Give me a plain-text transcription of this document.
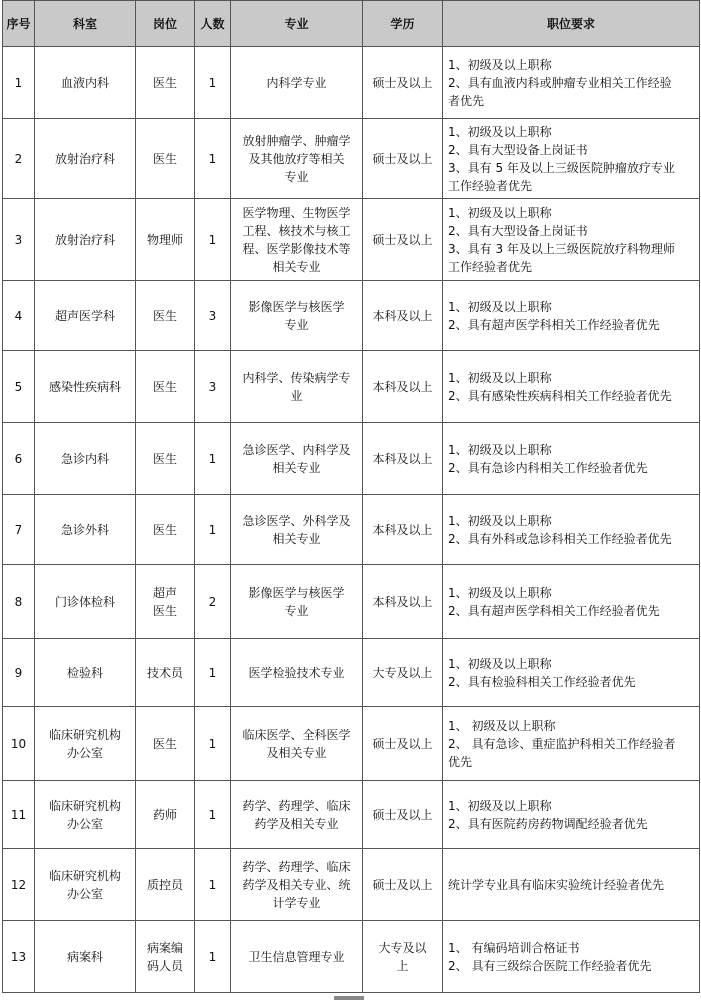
序号	科室	岗位	人数	专业	学历	职位要求
1	血液内科	医生	1	内科学专业	硕士及以上	1、初级及以上职称
2、具有血液内科或肿瘤专业相关工作经验
者优先

2	放射治疗科	医生	1	放射肿瘤学、肿瘤学
及其他放疗等相关
专业	硕士及以上	1、初级及以上职称
2、具有大型设备上岗证书
3、具有 5 年及以上三级医院肿瘤放疗专业
工作经验者优先

3	放射治疗科	物理师	1	医学物理、生物医学
工程、核技术与核工
程、医学影像技术等
相关专业	硕士及以上	1、初级及以上职称
2、具有大型设备上岗证书
3、具有 3 年及以上三级医院放疗科物理师
工作经验者优先

4	超声医学科	医生	3	影像医学与核医学
专业	本科及以上	1、初级及以上职称
2、具有超声医学科相关工作经验者优先

5	感染性疾病科	医生	3	内科学、传染病学专
业	本科及以上	1、初级及以上职称
2、具有感染性疾病科相关工作经验者优先

6	急诊内科	医生	1	急诊医学、内科学及
相关专业	本科及以上	1、初级及以上职称
2、具有急诊内科相关工作经验者优先

7	急诊外科	医生	1	急诊医学、外科学及
相关专业	本科及以上	1、初级及以上职称
2、具有外科或急诊科相关工作经验者优先

8	门诊体检科	超声
医生	2	影像医学与核医学
专业	本科及以上	1、初级及以上职称
2、具有超声医学科相关工作经验者优先

9	检验科	技术员	1	医学检验技术专业	大专及以上	1、初级及以上职称
2、具有检验科相关工作经验者优先

10	临床研究机构
办公室	医生	1	临床医学、全科医学
及相关专业	硕士及以上	1、 初级及以上职称
2、 具有急诊、重症监护科相关工作经验者
优先

11	临床研究机构
办公室	药师	1	药学、药理学、临床
药学及相关专业	硕士及以上	1、初级及以上职称
2、具有医院药房药物调配经验者优先

12	临床研究机构
办公室	质控员	1	药学、药理学、临床
药学及相关专业、统
计学专业	硕士及以上	统计学专业具有临床实验统计经验者优先

13	病案科	病案编
码人员	1	卫生信息管理专业	大专及以
上	1、 有编码培训合格证书
2、 具有三级综合医院工作经验者优先
